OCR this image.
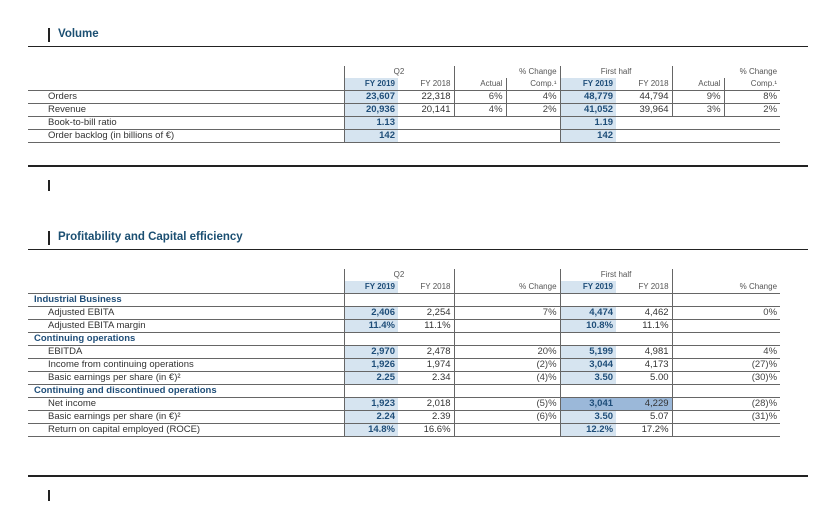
Volume
	Q2			% Change	First half			% Change
	FY 2019	FY 2018	Actual	Comp.¹	FY 2019	FY 2018	Actual	Comp.¹
Orders	23,607	22,318	6%	4%	48,779	44,794	9%	8%
Revenue	20,936	20,141	4%	2%	41,052	39,964	3%	2%
Book-to-bill ratio	1.13				1.19			
Order backlog (in billions of €)	142				142			
Profitability and Capital efficiency
	Q2			First half		
	FY 2019	FY 2018	% Change	FY 2019	FY 2018	% Change
Industrial Business						
Adjusted EBITA	2,406	2,254	7%	4,474	4,462	0%
Adjusted EBITA margin	11.4%	11.1%		10.8%	11.1%	
Continuing operations						
EBITDA	2,970	2,478	20%	5,199	4,981	4%
Income from continuing operations	1,926	1,974	(2)%	3,044	4,173	(27)%
Basic earnings per share (in €)²	2.25	2.34	(4)%	3.50	5.00	(30)%
Continuing and discontinued operations						
Net income	1,923	2,018	(5)%	3,041	4,229	(28)%
Basic earnings per share (in €)²	2.24	2.39	(6)%	3.50	5.07	(31)%
Return on capital employed (ROCE)	14.8%	16.6%		12.2%	17.2%	
